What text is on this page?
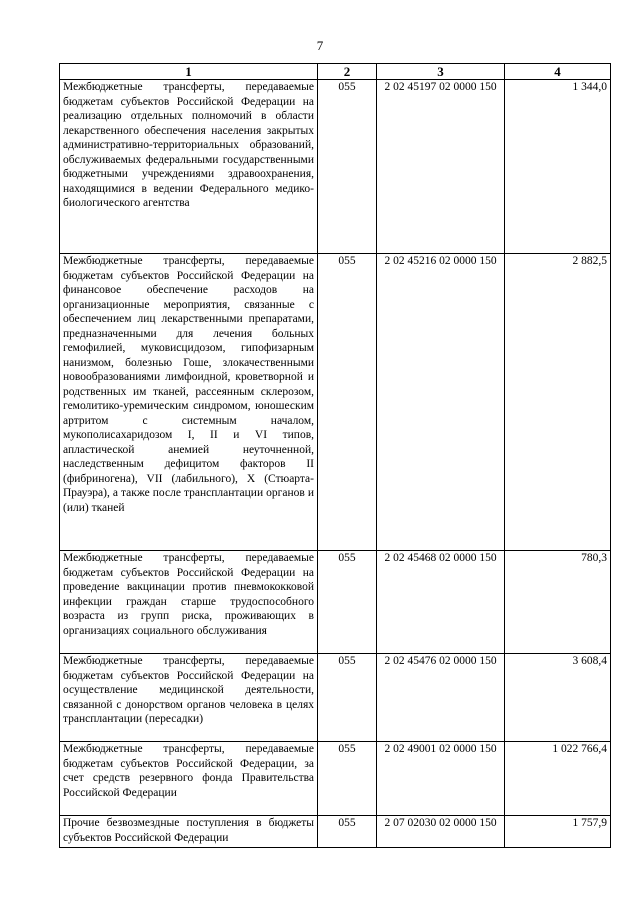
7
1	2	3	4
Межбюджетные трансферты, передаваемые бюджетам субъектов Российской Федерации на реализацию отдельных полномочий в области лекарственного обеспечения населения закрытых административно-территориальных образований, обслуживаемых федеральными государственными бюджетными учреждениями здравоохранения, находящимися в ведении Федерального медико-биологического агентства	055	2 02 45197 02 0000 150	1 344,0
Межбюджетные трансферты, передаваемые бюджетам субъектов Российской Федерации на финансовое обеспечение расходов на организационные мероприятия, связанные с обеспечением лиц лекарственными препаратами, предназначенными для лечения больных гемофилией, муковисцидозом, гипофизарным нанизмом, болезнью Гоше, злокачественными новообразованиями лимфоидной, кроветворной и родственных им тканей, рассеянным склерозом, гемолитико-уремическим синдромом, юношеским артритом с системным началом, мукополисахаридозом I, II и VI типов, апластической анемией неуточненной, наследственным дефицитом факторов II (фибриногена), VII (лабильного), X (Стюарта-Прауэра), а также после трансплантации органов и (или) тканей	055	2 02 45216 02 0000 150	2 882,5
Межбюджетные трансферты, передаваемые бюджетам субъектов Российской Федерации на проведение вакцинации против пневмококковой инфекции граждан старше трудоспособного возраста из групп риска, проживающих в организациях социального обслуживания	055	2 02 45468 02 0000 150	780,3
Межбюджетные трансферты, передаваемые бюджетам субъектов Российской Федерации на осуществление медицинской деятельности, связанной с донорством органов человека в целях трансплантации (пересадки)	055	2 02 45476 02 0000 150	3 608,4
Межбюджетные трансферты, передаваемые бюджетам субъектов Российской Федерации, за счет средств резервного фонда Правительства Российской Федерации	055	2 02 49001 02 0000 150	1 022 766,4
Прочие безвозмездные поступления в бюджеты субъектов Российской Федерации	055	2 07 02030 02 0000 150	1 757,9
